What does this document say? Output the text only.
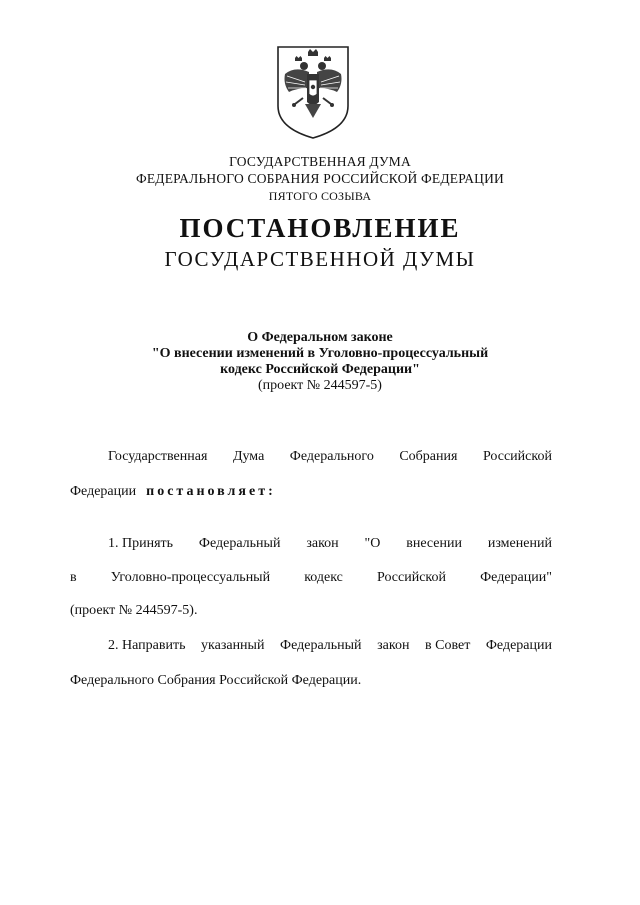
ГОСУДАРСТВЕННАЯ ДУМА
ФЕДЕРАЛЬНОГО СОБРАНИЯ РОССИЙСКОЙ ФЕДЕРАЦИИ
ПЯТОГО СОЗЫВА
ПОСТАНОВЛЕНИЕ
ГОСУДАРСТВЕННОЙ ДУМЫ
О Федеральном законе
"О внесении изменений в Уголовно-процессуальный
кодекс Российской Федерации"
(проект № 244597-5)
Государственная Дума Федерального Собрания Российской
Федерации постановляет:
1. Принять Федеральный закон "О внесении изменений
в Уголовно-процессуальный кодекс Российской Федерации"
(проект № 244597-5).
2. Направить указанный Федеральный закон в Совет Федерации
Федерального Собрания Российской Федерации.
